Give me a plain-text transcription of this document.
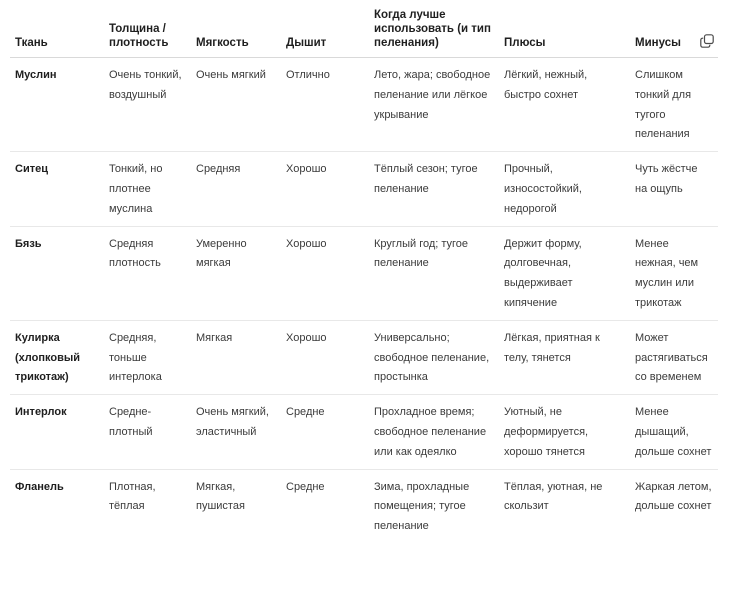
Ткань	Толщина / плотность	Мягкость	Дышит	Когда лучше использовать (и тип пеленания)	Плюсы	Минусы

Муслин	Очень тонкий, воздушный	Очень мягкий	Отлично	Лето, жара; свободное пеленание или лёгкое укрывание	Лёгкий, нежный, быстро сохнет	Слишком тонкий для тугого пеленания
Ситец	Тонкий, но плотнее муслина	Средняя	Хорошо	Тёплый сезон; тугое пеленание	Прочный, износостойкий, недорогой	Чуть жёстче на ощупь
Бязь	Средняя плотность	Умеренно мягкая	Хорошо	Круглый год; тугое пеленание	Держит форму, долговечная, выдерживает кипячение	Менее нежная, чем муслин или трикотаж
Кулирка (хлопковый трикотаж)	Средняя, тоньше интерлока	Мягкая	Хорошо	Универсально; свободное пеленание, простынка	Лёгкая, приятная к телу, тянется	Может растягиваться со временем
Интерлок	Средне-плотный	Очень мягкий, эластичный	Средне	Прохладное время; свободное пеленание или как одеялко	Уютный, не деформируется, хорошо тянется	Менее дышащий, дольше сохнет
Фланель	Плотная, тёплая	Мягкая, пушистая	Средне	Зима, прохладные помещения; тугое пеленание	Тёплая, уютная, не скользит	Жаркая летом, дольше сохнет
